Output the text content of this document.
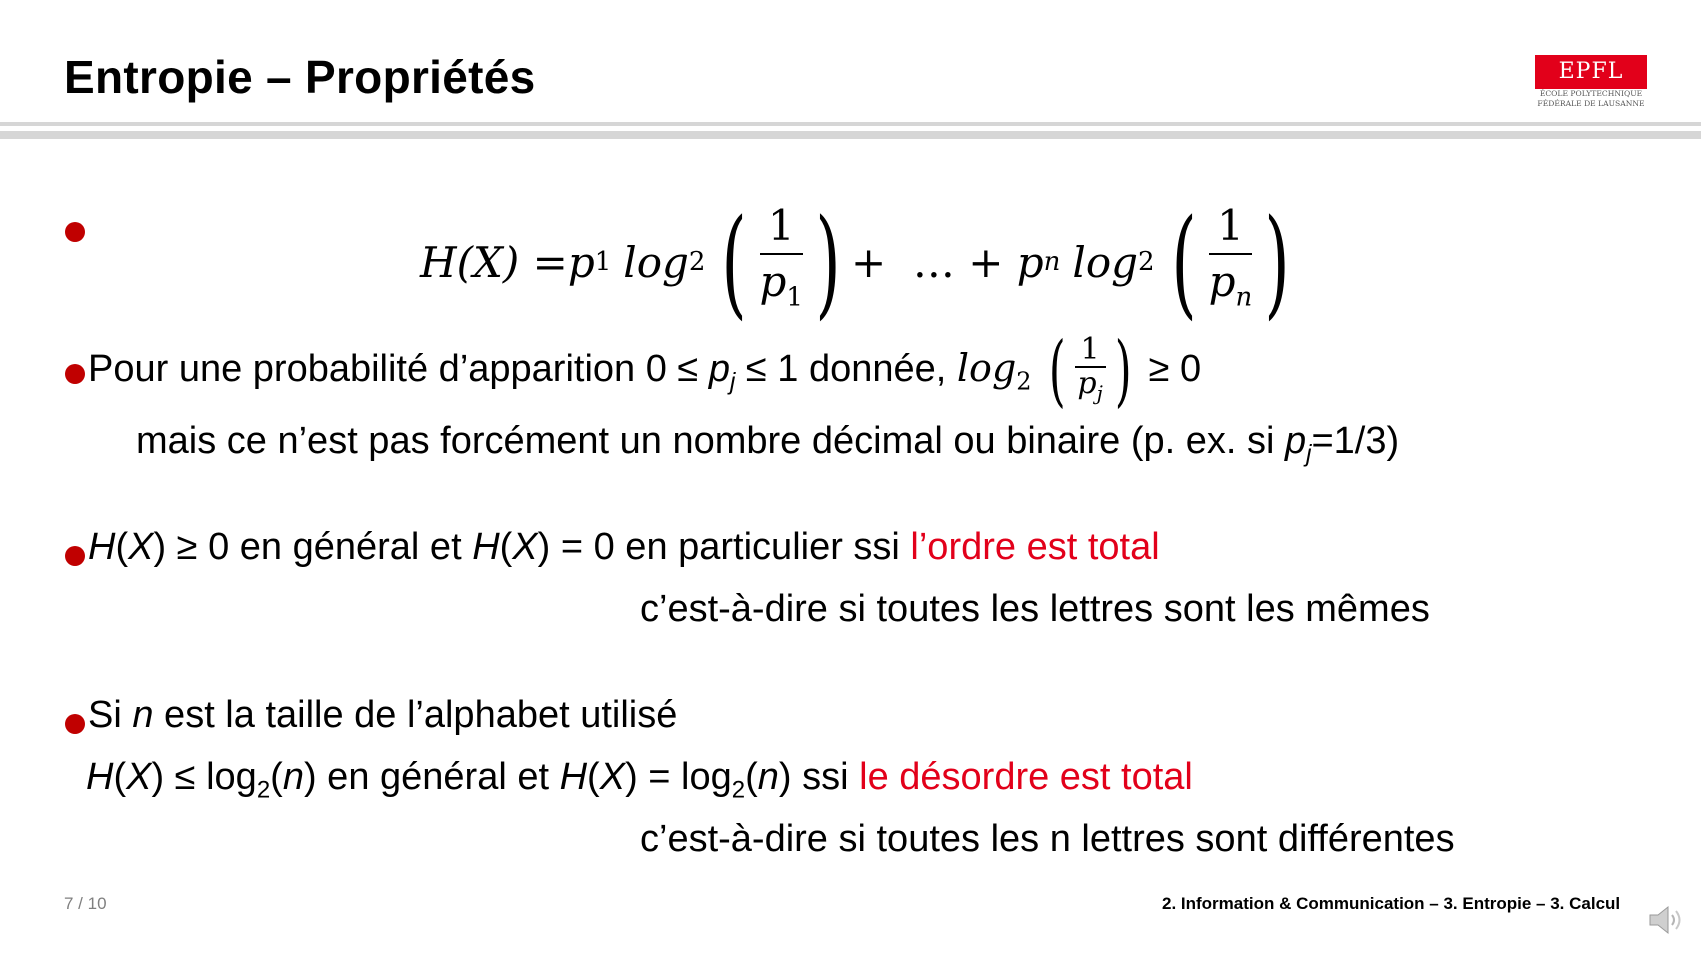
Entropie – Propriétés	EPFL
ÉCOLE POLYTECHNIQUE
FÉDÉRALE DE LAUSANNE
H(X) = p 1 log 2 ( $\frac{1}{p_1}$ ) +  … + p n log 2 ( $\frac{1}{p_n}$ )
Pour une probabilité d’apparition $0 \le p_j \le 1$ donnée, $\log_2$ ( $\frac{1}{p_j}$ ) ≥ 0
mais ce n’est pas forcément un nombre décimal ou binaire (p. ex. si $p_j=1/3$)
H(X) ≥ 0 en général et H(X) = 0 en particulier ssi l’ordre est total
c’est-à-dire si toutes les lettres sont les mêmes
Si n est la taille de l’alphabet utilisé
$H(X) \le \log_2(n)$ en général et $H(X) = \log_2(n)$ ssi le désordre est total
c’est-à-dire si toutes les n lettres sont différentes
7 / 10	2. Information & Communication – 3. Entropie – 3. Calcul
